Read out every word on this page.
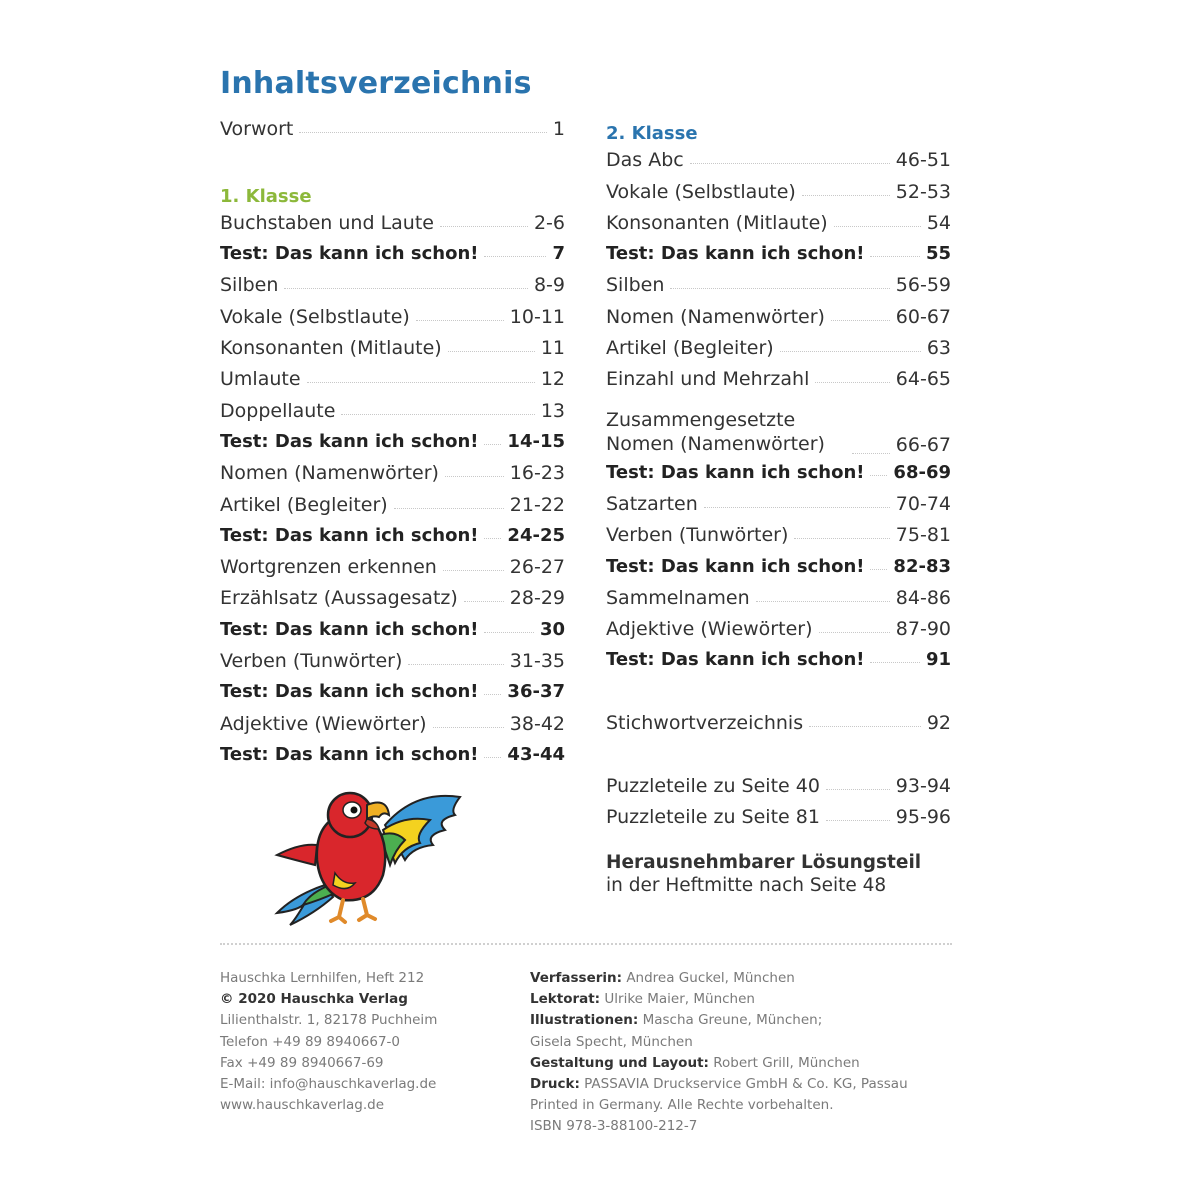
Inhaltsverzeichnis
Vorwort	1
1. Klasse
Buchstaben und Laute	2-6
Test: Das kann ich schon!	7
Silben	8-9
Vokale (Selbstlaute)	10-11
Konsonanten (Mitlaute)	11
Umlaute	12
Doppellaute	13
Test: Das kann ich schon! 14-15
Nomen (Namenwörter)	16-23
Artikel (Begleiter)	21-22
Test: Das kann ich schon! 24-25
Wortgrenzen erkennen	26-27
Erzählsatz (Aussagesatz)	28-29
Test: Das kann ich schon!	30
Verben (Tunwörter)	31-35
Test: Das kann ich schon! 36-37
Adjektive (Wiewörter)	38-42
Test: Das kann ich schon! 43-44
2. Klasse
Das Abc	46-51
Vokale (Selbstlaute)	52-53
Konsonanten (Mitlaute)	54
Test: Das kann ich schon!	55
Silben	56-59
Nomen (Namenwörter)	60-67
Artikel (Begleiter)	63
Einzahl und Mehrzahl	64-65
Zusammengesetzte Nomen (Namenwörter)	66-67
Test: Das kann ich schon! 68-69
Satzarten	70-74
Verben (Tunwörter)	75-81
Test: Das kann ich schon! 82-83
Sammelnamen	84-86
Adjektive (Wiewörter)	87-90
Test: Das kann ich schon!	91
Stichwortverzeichnis	92
Puzzleteile zu Seite 40	93-94
Puzzleteile zu Seite 81	95-96
Herausnehmbarer Lösungsteil
in der Heftmitte nach Seite 48
Hauschka Lernhilfen, Heft 212
© 2020 Hauschka Verlag
Lilienthalstr. 1, 82178 Puchheim
Telefon +49 89 8940667-0
Fax +49 89 8940667-69
E-Mail: info@hauschkaverlag.de
www.hauschkaverlag.de
Verfasserin: Andrea Guckel, München
Lektorat: Ulrike Maier, München
Illustrationen: Mascha Greune, München;
Gisela Specht, München
Gestaltung und Layout: Robert Grill, München
Druck: PASSAVIA Druckservice GmbH & Co. KG, Passau
Printed in Germany. Alle Rechte vorbehalten.
ISBN 978-3-88100-212-7
